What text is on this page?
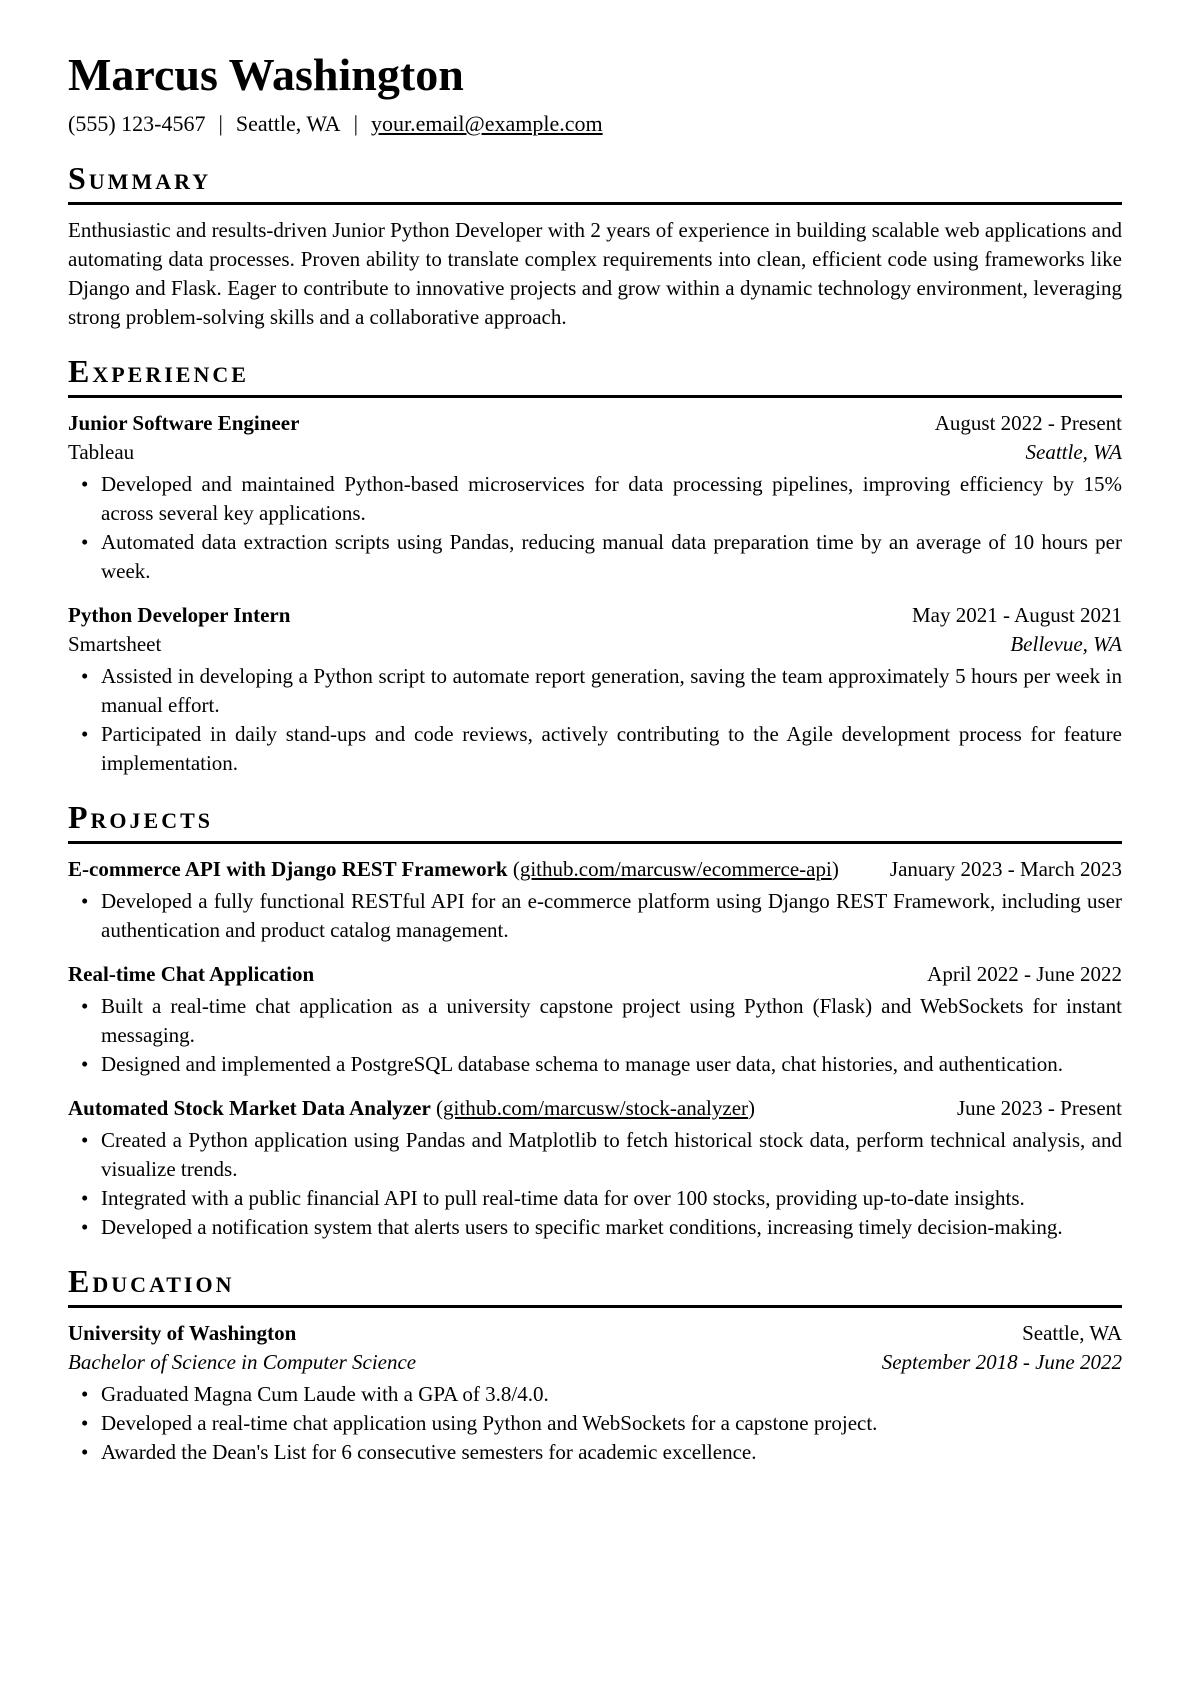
Marcus Washington
(555) 123-4567 | Seattle, WA | your.email@example.com
Summary

Enthusiastic and results-driven Junior Python Developer with 2 years of experience in building scalable web applications and automating data processes. Proven ability to translate complex requirements into clean, efficient code using frameworks like Django and Flask. Eager to contribute to innovative projects and grow within a dynamic technology environment, leveraging strong problem-solving skills and a collaborative approach.

Experience
Junior Software Engineer	August 2022 - Present
Tableau	Seattle, WA
• Developed and maintained Python-based microservices for data processing pipelines, improving efficiency by 15% across several key applications.
• Automated data extraction scripts using Pandas, reducing manual data preparation time by an average of 10 hours per week.
Python Developer Intern	May 2021 - August 2021
Smartsheet	Bellevue, WA
• Assisted in developing a Python script to automate report generation, saving the team approximately 5 hours per week in manual effort.
• Participated in daily stand-ups and code reviews, actively contributing to the Agile development process for feature implementation.
Projects
E-commerce API with Django REST Framework ( github.com/marcusw/ecommerce-api )	January 2023 - March 2023
• Developed a fully functional RESTful API for an e-commerce platform using Django REST Framework, including user authentication and product catalog management.
Real-time Chat Application	April 2022 - June 2022
• Built a real-time chat application as a university capstone project using Python (Flask) and WebSockets for instant messaging.
• Designed and implemented a PostgreSQL database schema to manage user data, chat histories, and authentication.
Automated Stock Market Data Analyzer ( github.com/marcusw/stock-analyzer )	June 2023 - Present
• Created a Python application using Pandas and Matplotlib to fetch historical stock data, perform technical analysis, and visualize trends.
• Integrated with a public financial API to pull real-time data for over 100 stocks, providing up-to-date insights.
• Developed a notification system that alerts users to specific market conditions, increasing timely decision-making.
Education
University of Washington	Seattle, WA
Bachelor of Science in Computer Science	September 2018 - June 2022
• Graduated Magna Cum Laude with a GPA of 3.8/4.0.
• Developed a real-time chat application using Python and WebSockets for a capstone project.
• Awarded the Dean's List for 6 consecutive semesters for academic excellence.
